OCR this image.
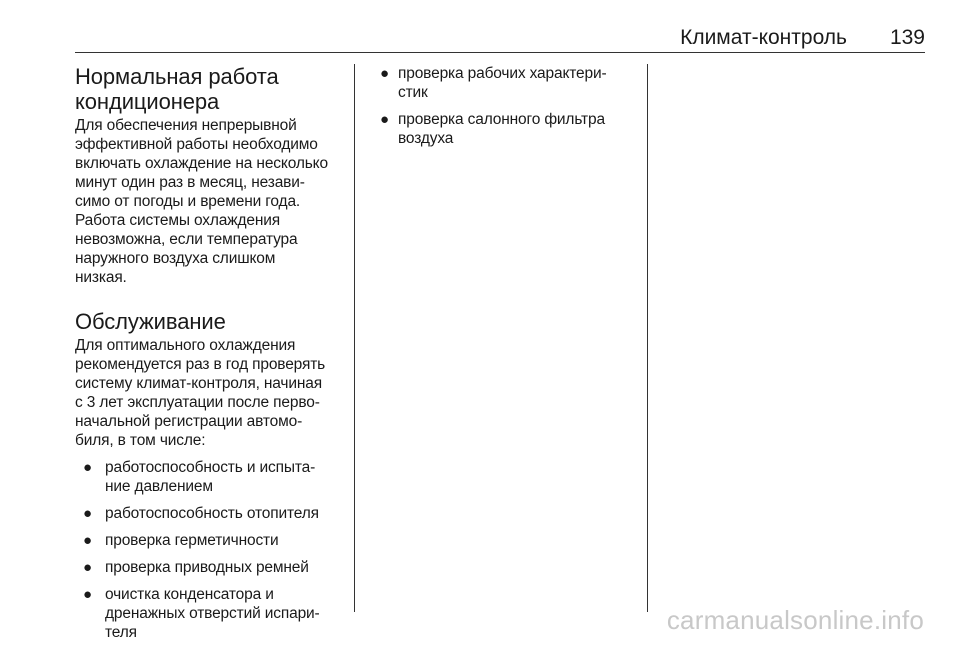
Климат-контроль 139
Нормальная работа
кондиционера

Для обеспечения непрерывной
эффективной работы необходимо
включать охлаждение на несколько
минут один раз в месяц, незави-
симо от погоды и времени года.
Работа системы охлаждения
невозможна, если температура
наружного воздуха слишком
низкая.

Обслуживание

Для оптимального охлаждения
рекомендуется раз в год проверять
систему климат-контроля, начиная
с 3 лет эксплуатации после перво-
начальной регистрации автомо-
биля, в том числе:

● работоспособность и испыта-
ние давлением
● работоспособность отопителя
● проверка герметичности
● проверка приводных ремней
● очистка конденсатора и
дренажных отверстий испари-
теля
● проверка рабочих характери-
стик
● проверка салонного фильтра
воздуха
carmanualsonline.info
